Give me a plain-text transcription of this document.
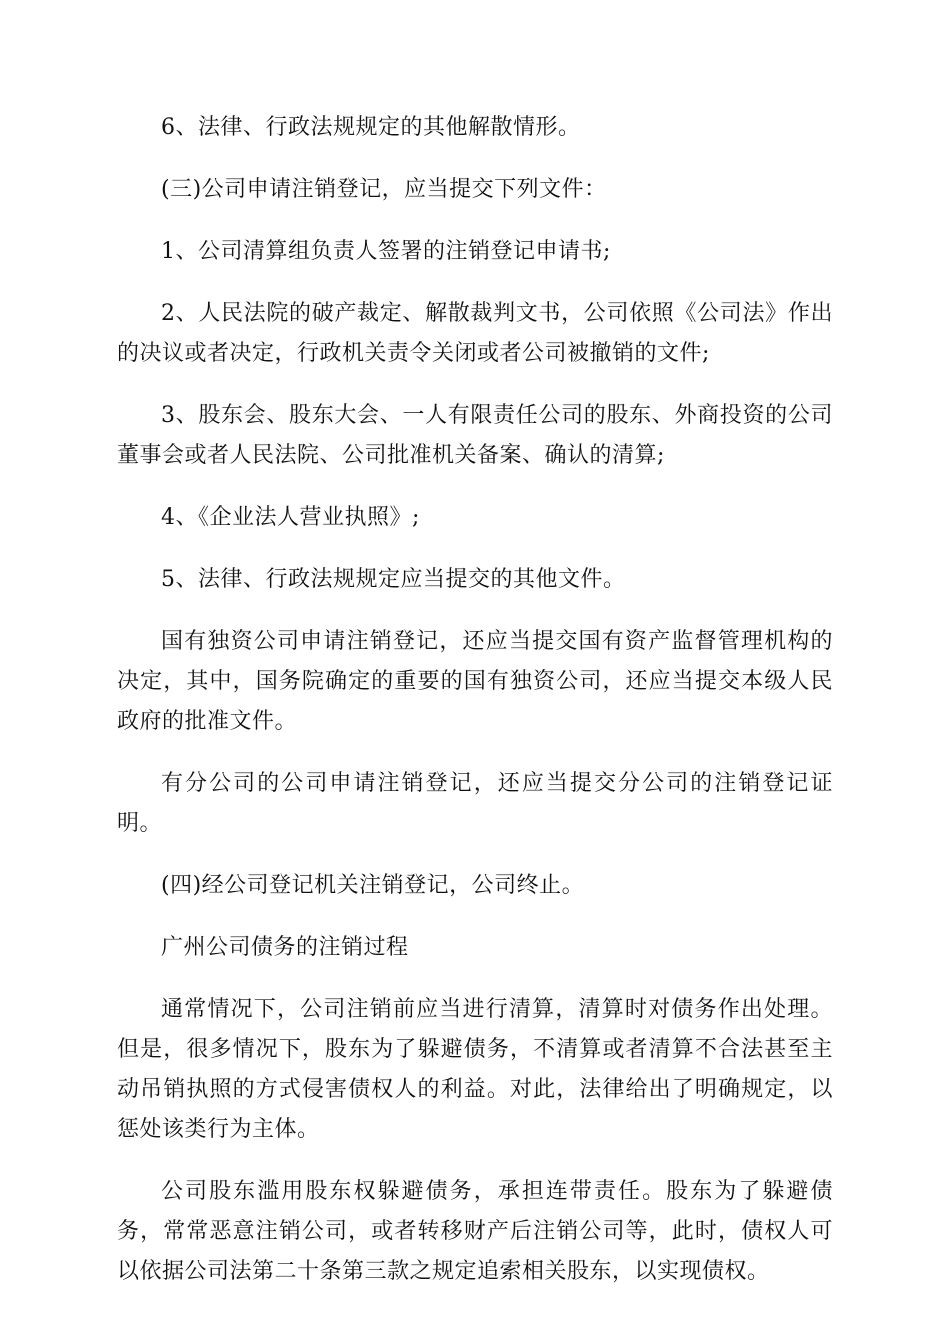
6、法律、行政法规规定的其他解散情形。

(三)公司申请注销登记，应当提交下列文件：

1、公司清算组负责人签署的注销登记申请书;

2、人民法院的破产裁定、解散裁判文书，公司依照《公司法》作出的决议或者决定，行政机关责令关闭或者公司被撤销的文件;

3、股东会、股东大会、一人有限责任公司的股东、外商投资的公司董事会或者人民法院、公司批准机关备案、确认的清算;

4、《企业法人营业执照》;

5、法律、行政法规规定应当提交的其他文件。

国有独资公司申请注销登记，还应当提交国有资产监督管理机构的决定，其中，国务院确定的重要的国有独资公司，还应当提交本级人民政府的批准文件。

有分公司的公司申请注销登记，还应当提交分公司的注销登记证明。

(四)经公司登记机关注销登记，公司终止。

广州公司债务的注销过程

通常情况下，公司注销前应当进行清算，清算时对债务作出处理。但是，很多情况下，股东为了躲避债务，不清算或者清算不合法甚至主动吊销执照的方式侵害债权人的利益。对此，法律给出了明确规定，以惩处该类行为主体。

公司股东滥用股东权躲避债务，承担连带责任。股东为了躲避债务，常常恶意注销公司，或者转移财产后注销公司等，此时，债权人可以依据公司法第二十条第三款之规定追索相关股东，以实现债权。
